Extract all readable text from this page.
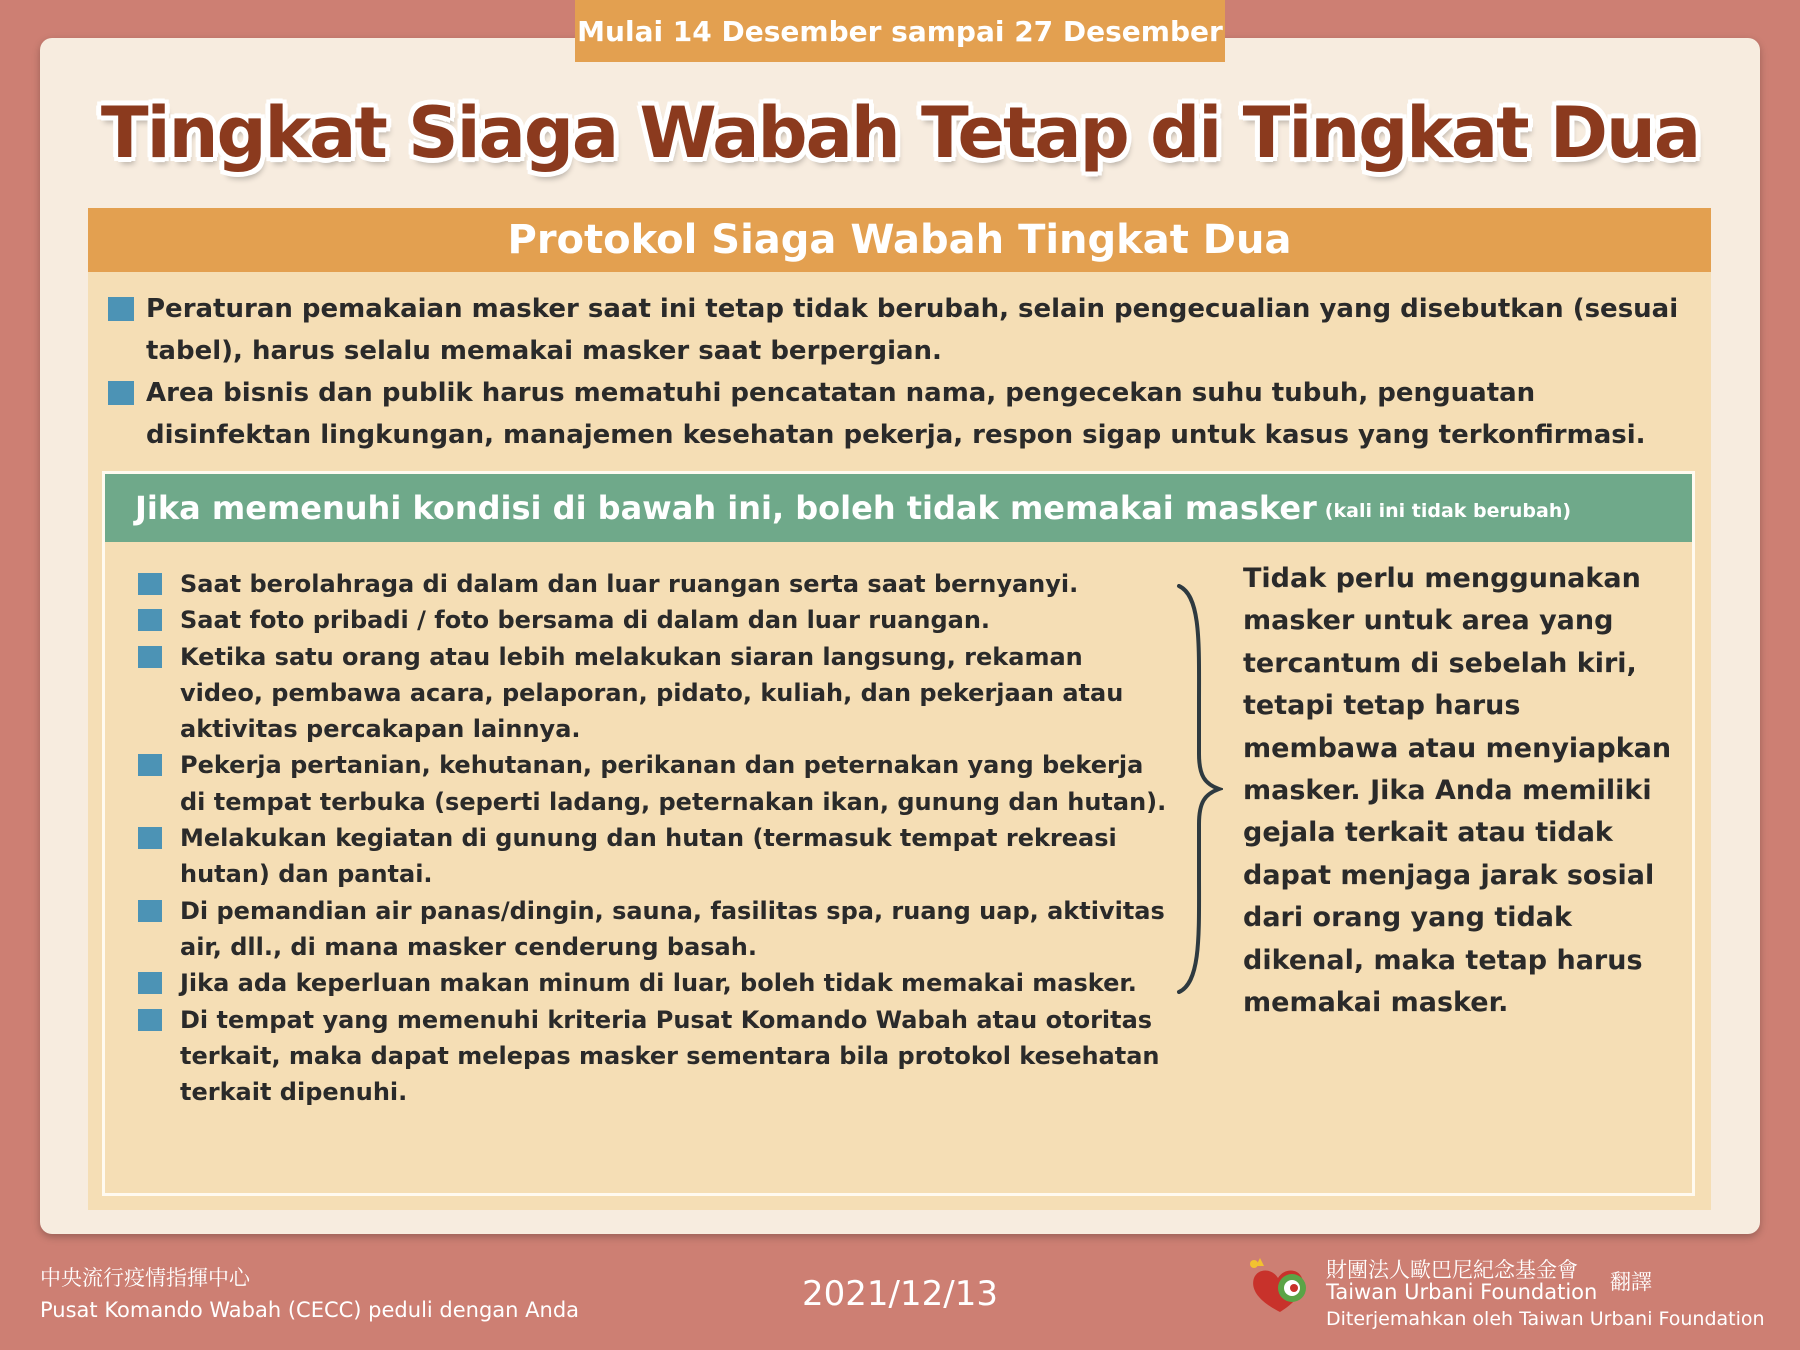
Mulai 14 Desember sampai 27 Desember
Tingkat Siaga Wabah Tetap di Tingkat Dua
Protokol Siaga Wabah Tingkat Dua
Peraturan pemakaian masker saat ini tetap tidak berubah, selain pengecualian yang disebutkan (sesuai tabel), harus selalu memakai masker saat berpergian.
Area bisnis dan publik harus mematuhi pencatatan nama, pengecekan suhu tubuh, penguatan disinfektan lingkungan, manajemen kesehatan pekerja, respon sigap untuk kasus yang terkonfirmasi.
Jika memenuhi kondisi di bawah ini, boleh tidak memakai masker (kali ini tidak berubah)
Saat berolahraga di dalam dan luar ruangan serta saat bernyanyi.
Saat foto pribadi / foto bersama di dalam dan luar ruangan.
Ketika satu orang atau lebih melakukan siaran langsung, rekaman video, pembawa acara, pelaporan, pidato, kuliah, dan pekerjaan atau aktivitas percakapan lainnya.
Pekerja pertanian, kehutanan, perikanan dan peternakan yang bekerja di tempat terbuka (seperti ladang, peternakan ikan, gunung dan hutan).
Melakukan kegiatan di gunung dan hutan (termasuk tempat rekreasi hutan) dan pantai.
Di pemandian air panas/dingin, sauna, fasilitas spa, ruang uap, aktivitas air, dll., di mana masker cenderung basah.
Jika ada keperluan makan minum di luar, boleh tidak memakai masker.
Di tempat yang memenuhi kriteria Pusat Komando Wabah atau otoritas terkait, maka dapat melepas masker sementara bila protokol kesehatan terkait dipenuhi.

Tidak perlu menggunakan masker untuk area yang tercantum di sebelah kiri, tetapi tetap harus membawa atau menyiapkan masker. Jika Anda memiliki gejala terkait atau tidak dapat menjaga jarak sosial dari orang yang tidak dikenal, maka tetap harus memakai masker.

中央流行疫情指揮中心
Pusat Komando Wabah (CECC) peduli dengan Anda	2021/12/13
財團法人歐巴尼紀念基金會
Taiwan Urbani Foundation 翻譯
Diterjemahkan oleh Taiwan Urbani Foundation
